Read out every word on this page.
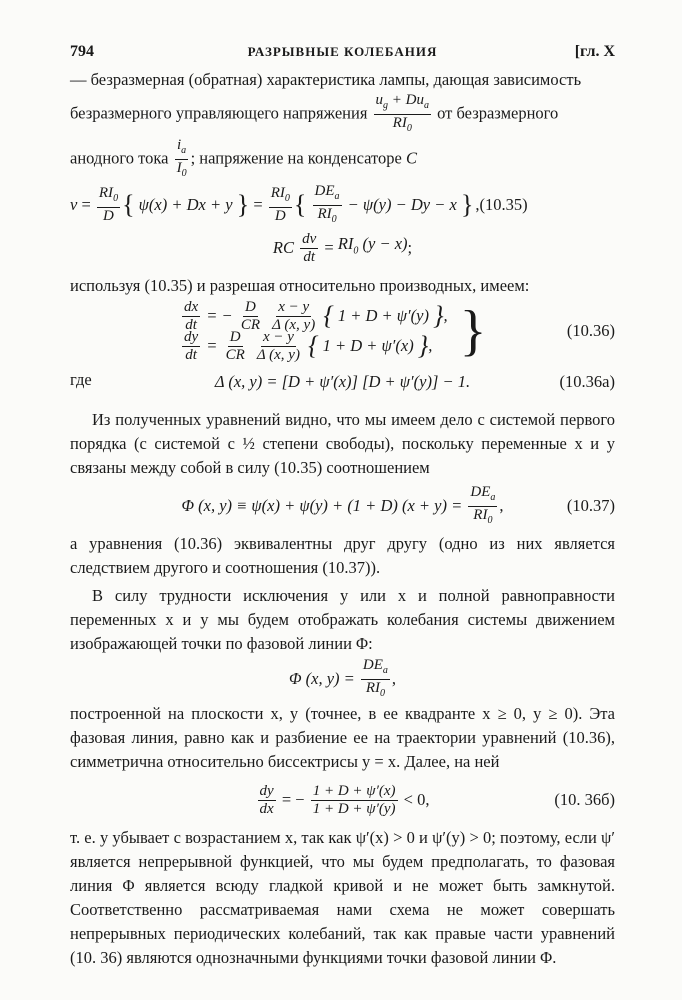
794	РАЗРЫВНЫЕ КОЛЕБАНИЯ	[гл. X

— безразмерная (обратная) характеристика лампы, дающая зависимость

безразмерного управляющего напряжения $\frac{u_g + Du_a}{RI_0}$ от безразмерного

анодного тока $\frac{i_a}{I_0}$ ; напряжение на конденсаторе C

$v = \frac{RI_0}{D}$ { ψ(x) + Dx + y } = $\frac{RI_0}{D}$ {
$\frac{DE_a}{RI_0} - \psi(y) - Dy - x$ } ,(10.35)
RC
$\frac{dv}{dt} = RI_0$ (y − x) ;

используя (10.35) и разрешая относительно производных, имеем:

$\frac{dx}{dt}$ = − $\frac{D}{CR}$
$\frac{x - y}{\Delta (x, y)}$
{ 1 + D + ψ′(y) } ,
$\frac{dy}{dt} = \frac{D}{CR}$
$\frac{x - y}{\Delta (x, y)}$
{ 1 + D + ψ′(x) } , }	(10.36)

где	Δ (x, y) = [D + ψ′(x)] [D + ψ′(y)] − 1.	(10.36a)

Из полученных уравнений видно, что мы имеем дело с системой первого порядка (с системой с ½ степени свободы), поскольку переменные x и y связаны между собой в силу (10.35) соотношением

Φ (x, y) ≡ ψ(x) + ψ(y) + (1 + D) $(x + y) = \frac{DE_a}{RI_0}$ ,	(10.37)

а уравнения (10.36) эквивалентны друг другу (одно из них является следствием другого и соотношения (10.37)).

В силу трудности исключения y или x и полной равноправности переменных x и y мы будем отображать колебания системы движением изображающей точки по фазовой линии Φ:

Φ (x, $y) = \frac{DE_a}{RI_0}$ ,

построенной на плоскости x, y (точнее, в ее квадранте x ≥ 0, y ≥ 0). Эта фазовая линия, равно как и разбиение ее на траектории уравнений (10.36), симметрична относительно биссектрисы y = x. Далее, на ней

$\frac{dy}{dx}$ = − $\frac{1 + D + \psi'(x)}{1 + D + \psi'(y)} < 0$,	(10. 36б)

т. е. y убывает с возрастанием x, так как ψ′(x) > 0 и ψ′(y) > 0; поэтому, если ψ′ является непрерывной функцией, что мы будем предполагать, то фазовая линия Φ является всюду гладкой кривой и не может быть замкнутой. Соответственно рассматриваемая нами схема не может совершать непрерывных периодических колебаний, так как правые части уравнений (10. 36) являются однозначными функциями точки фазовой линии Φ.
